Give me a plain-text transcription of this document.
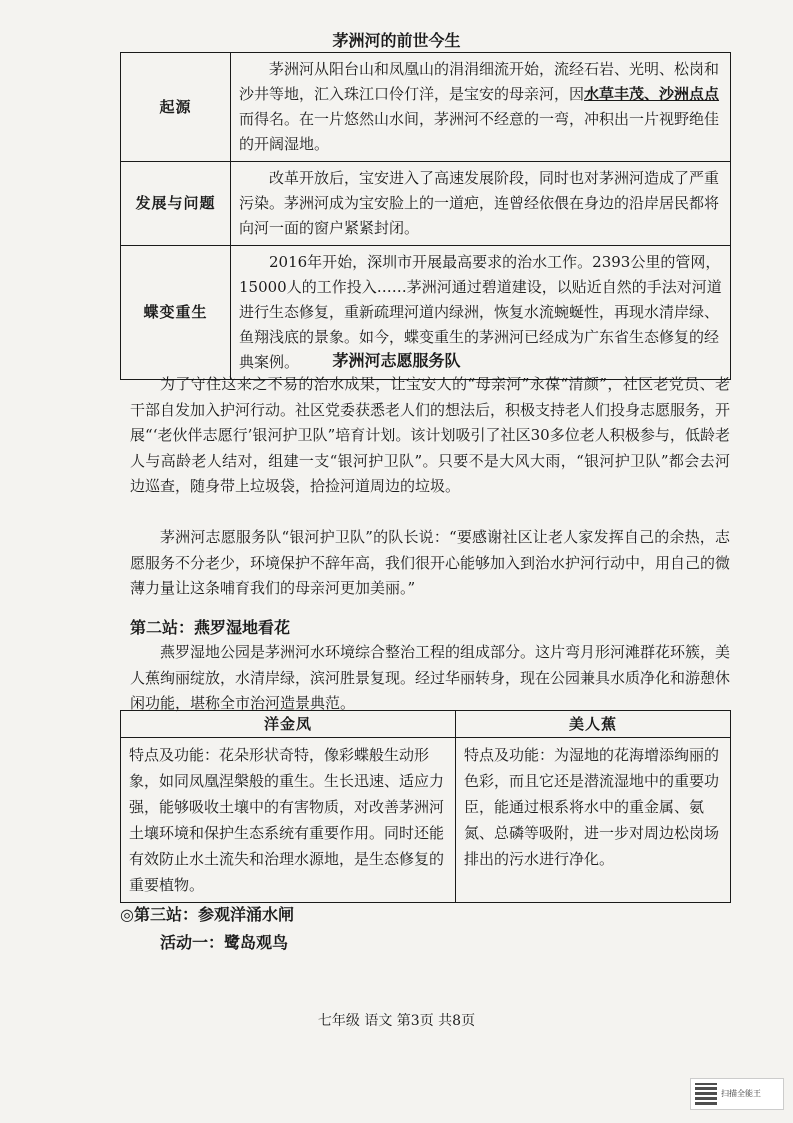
茅洲河的前世今生
起源	茅洲河从阳台山和凤凰山的涓涓细流开始，流经石岩、光明、松岗和沙井等地，汇入珠江口伶仃洋，是宝安的母亲河，因水草丰茂、沙洲点点而得名。在一片悠然山水间，茅洲河不经意的一弯，冲积出一片视野绝佳的开阔湿地。

发展与问题	改革开放后，宝安进入了高速发展阶段，同时也对茅洲河造成了严重污染。茅洲河成为宝安脸上的一道疤，连曾经依偎在身边的沿岸居民都将向河一面的窗户紧紧封闭。

蝶变重生	2016年开始，深圳市开展最高要求的治水工作。2393公里的管网，15000人的工作投入……茅洲河通过碧道建设，以贴近自然的手法对河道进行生态修复，重新疏理河道内绿洲，恢复水流蜿蜒性，再现水清岸绿、鱼翔浅底的景象。如今，蝶变重生的茅洲河已经成为广东省生态修复的经典案例。	茅洲河志愿服务队

为了守住这来之不易的治水成果，让宝安人的“母亲河”永葆“清颜”，社区老党员、老干部自发加入护河行动。社区党委获悉老人们的想法后，积极支持老人们投身志愿服务，开展“‘老伙伴志愿行’银河护卫队”培育计划。该计划吸引了社区30多位老人积极参与，低龄老人与高龄老人结对，组建一支“银河护卫队”。只要不是大风大雨，“银河护卫队”都会去河边巡查，随身带上垃圾袋，拾捡河道周边的垃圾。

茅洲河志愿服务队“银河护卫队”的队长说：“要感谢社区让老人家发挥自己的余热，志愿服务不分老少，环境保护不辞年高，我们很开心能够加入到治水护河行动中，用自己的微薄力量让这条哺育我们的母亲河更加美丽。”

第二站：燕罗湿地看花

燕罗湿地公园是茅洲河水环境综合整治工程的组成部分。这片弯月形河滩群花环簇，美人蕉绚丽绽放，水清岸绿，滨河胜景复现。经过华丽转身，现在公园兼具水质净化和游憩休闲功能，堪称全市治河造景典范。

洋金凤	美人蕉
特点及功能：花朵形状奇特，像彩蝶般生动形象，如同凤凰涅槃般的重生。生长迅速、适应力强，能够吸收土壤中的有害物质，对改善茅洲河土壤环境和保护生态系统有重要作用。同时还能有效防止水土流失和治理水源地，是生态修复的重要植物。	特点及功能：为湿地的花海增添绚丽的色彩，而且它还是潜流湿地中的重要功臣，能通过根系将水中的重金属、氨氮、总磷等吸附，进一步对周边松岗场排出的污水进行净化。
◎第三站：参观洋涌水闸
活动一：鹭岛观鸟
七年级 语文 第3页 共8页
扫描全能王
